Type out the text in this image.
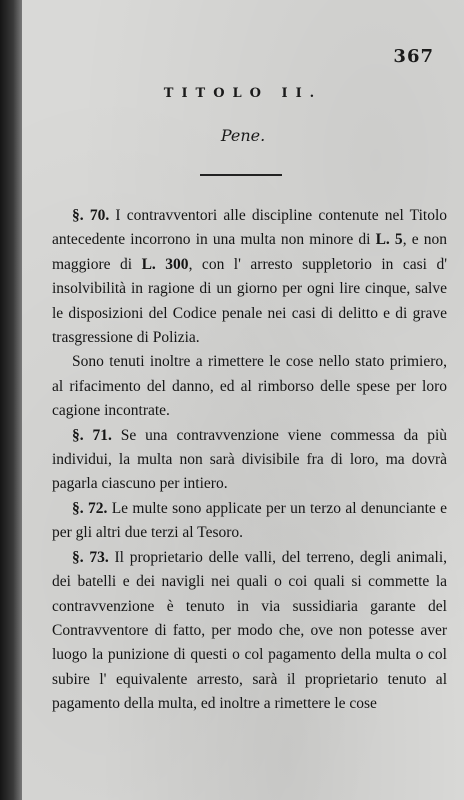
367
TITOLO II.
Pene.

§. 70. I contravventori alle discipline contenute nel Titolo antecedente incorrono in una multa non minore di L. 5, e non maggiore di L. 300, con l' arresto suppletorio in casi d' insolvibilità in ragione di un giorno per ogni lire cinque, salve le disposizioni del Codice penale nei casi di delitto e di grave trasgressione di Polizia.

Sono tenuti inoltre a rimettere le cose nello stato primiero, al rifacimento del danno, ed al rimborso delle spese per loro cagione incontrate.

§. 71. Se una contravvenzione viene commessa da più individui, la multa non sarà divisibile fra di loro, ma dovrà pagarla ciascuno per intiero.

§. 72. Le multe sono applicate per un terzo al denunciante e per gli altri due terzi al Tesoro.

§. 73. Il proprietario delle valli, del terreno, degli animali, dei batelli e dei navigli nei quali o coi quali si commette la contravvenzione è tenuto in via sussidiaria garante del Contravventore di fatto, per modo che, ove non potesse aver luogo la punizione di questi o col pagamento della multa o col subire l' equivalente arresto, sarà il proprietario tenuto al pagamento della multa, ed inoltre a rimettere le cose
